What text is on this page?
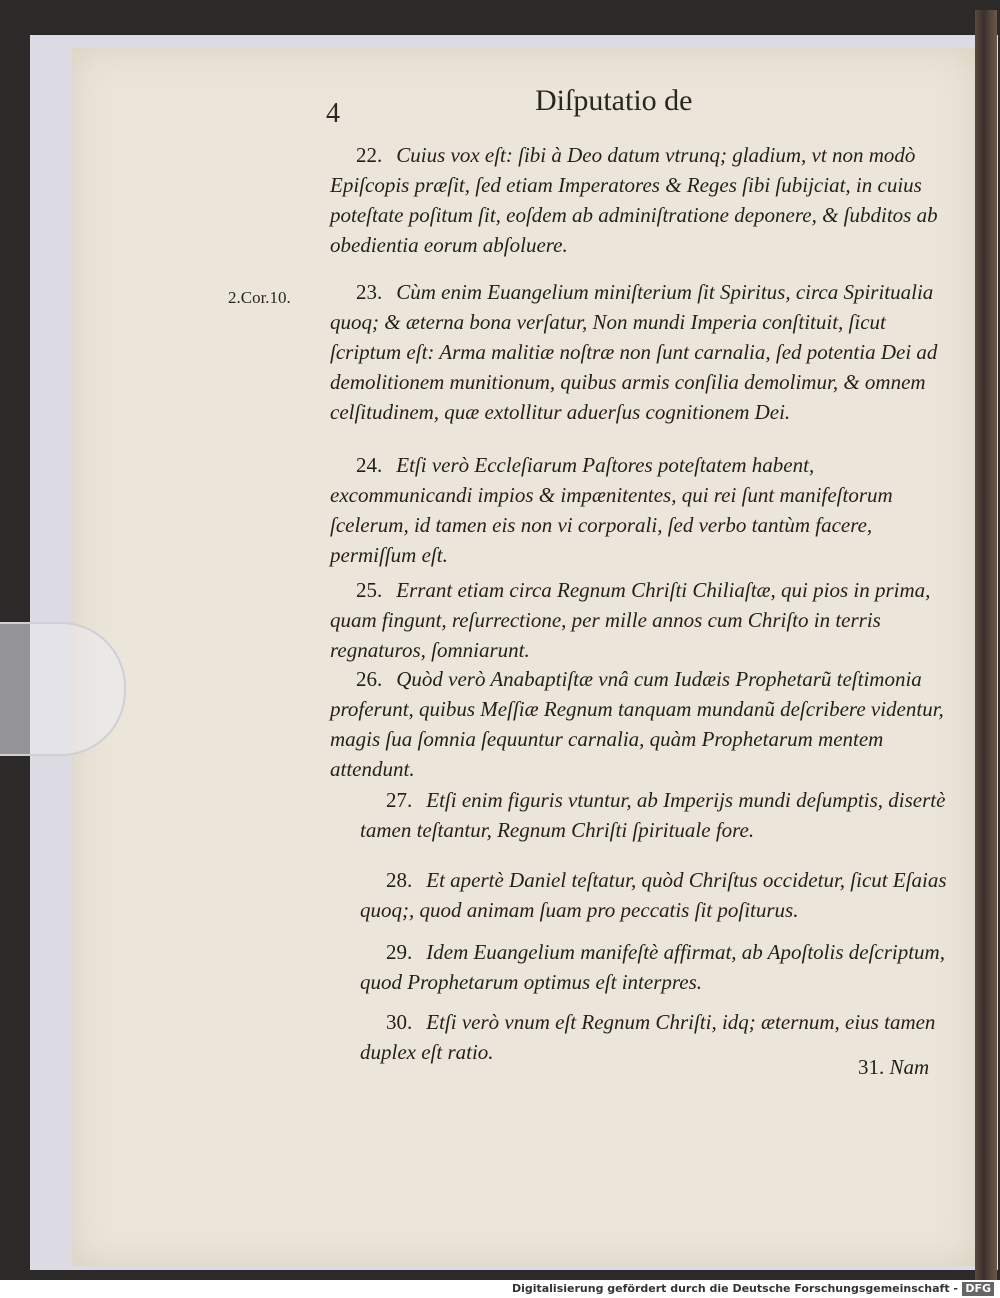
4	Diſputatio de
2.Cor.10.
22. Cuius vox eſt: ſibi à Deo datum vtrunq; gladium, vt non modò Epiſcopis præſit, ſed etiam Imperatores & Reges ſibi ſubijciat, in cuius poteſtate poſitum ſit, eoſdem ab adminiſtratione deponere, & ſubditos ab obedientia eorum abſoluere.
23. Cùm enim Euangelium miniſterium ſit Spiritus, circa Spiritualia quoq; & æterna bona verſatur, Non mundi Imperia conſtituit, ſicut ſcriptum eſt: Arma malitiæ noſtræ non ſunt carnalia, ſed potentia Dei ad demolitionem munitionum, quibus armis conſilia demolimur, & omnem celſitudinem, quæ extollitur aduerſus cognitionem Dei.
24. Etſi verò Eccleſiarum Paſtores poteſtatem habent, excommunicandi impios & impænitentes, qui rei ſunt manifeſtorum ſcelerum, id tamen eis non vi corporali, ſed verbo tantùm facere, permiſſum eſt.
25. Errant etiam circa Regnum Chriſti Chiliaſtæ, qui pios in prima, quam fingunt, reſurrectione, per mille annos cum Chriſto in terris regnaturos, ſomniarunt.
26. Quòd verò Anabaptiſtæ vnâ cum Iudæis Prophetarũ teſtimonia proferunt, quibus Meſſiæ Regnum tanquam mundanũ deſcribere videntur, magis ſua ſomnia ſequuntur carnalia, quàm Prophetarum mentem attendunt.
27. Etſi enim figuris vtuntur, ab Imperijs mundi deſumptis, disertè tamen teſtantur, Regnum Chriſti ſpirituale fore.
28. Et apertè Daniel teſtatur, quòd Chriſtus occidetur, ſicut Eſaias quoq;, quod animam ſuam pro peccatis ſit poſiturus.
29. Idem Euangelium manifeſtè affirmat, ab Apoſtolis deſcriptum, quod Prophetarum optimus eſt interpres.
30. Etſi verò vnum eſt Regnum Chriſti, idq; æternum, eius tamen duplex eſt ratio.
31. Nam
Digitalisierung gefördert durch die Deutsche Forschungsgemeinschaft - DFG
